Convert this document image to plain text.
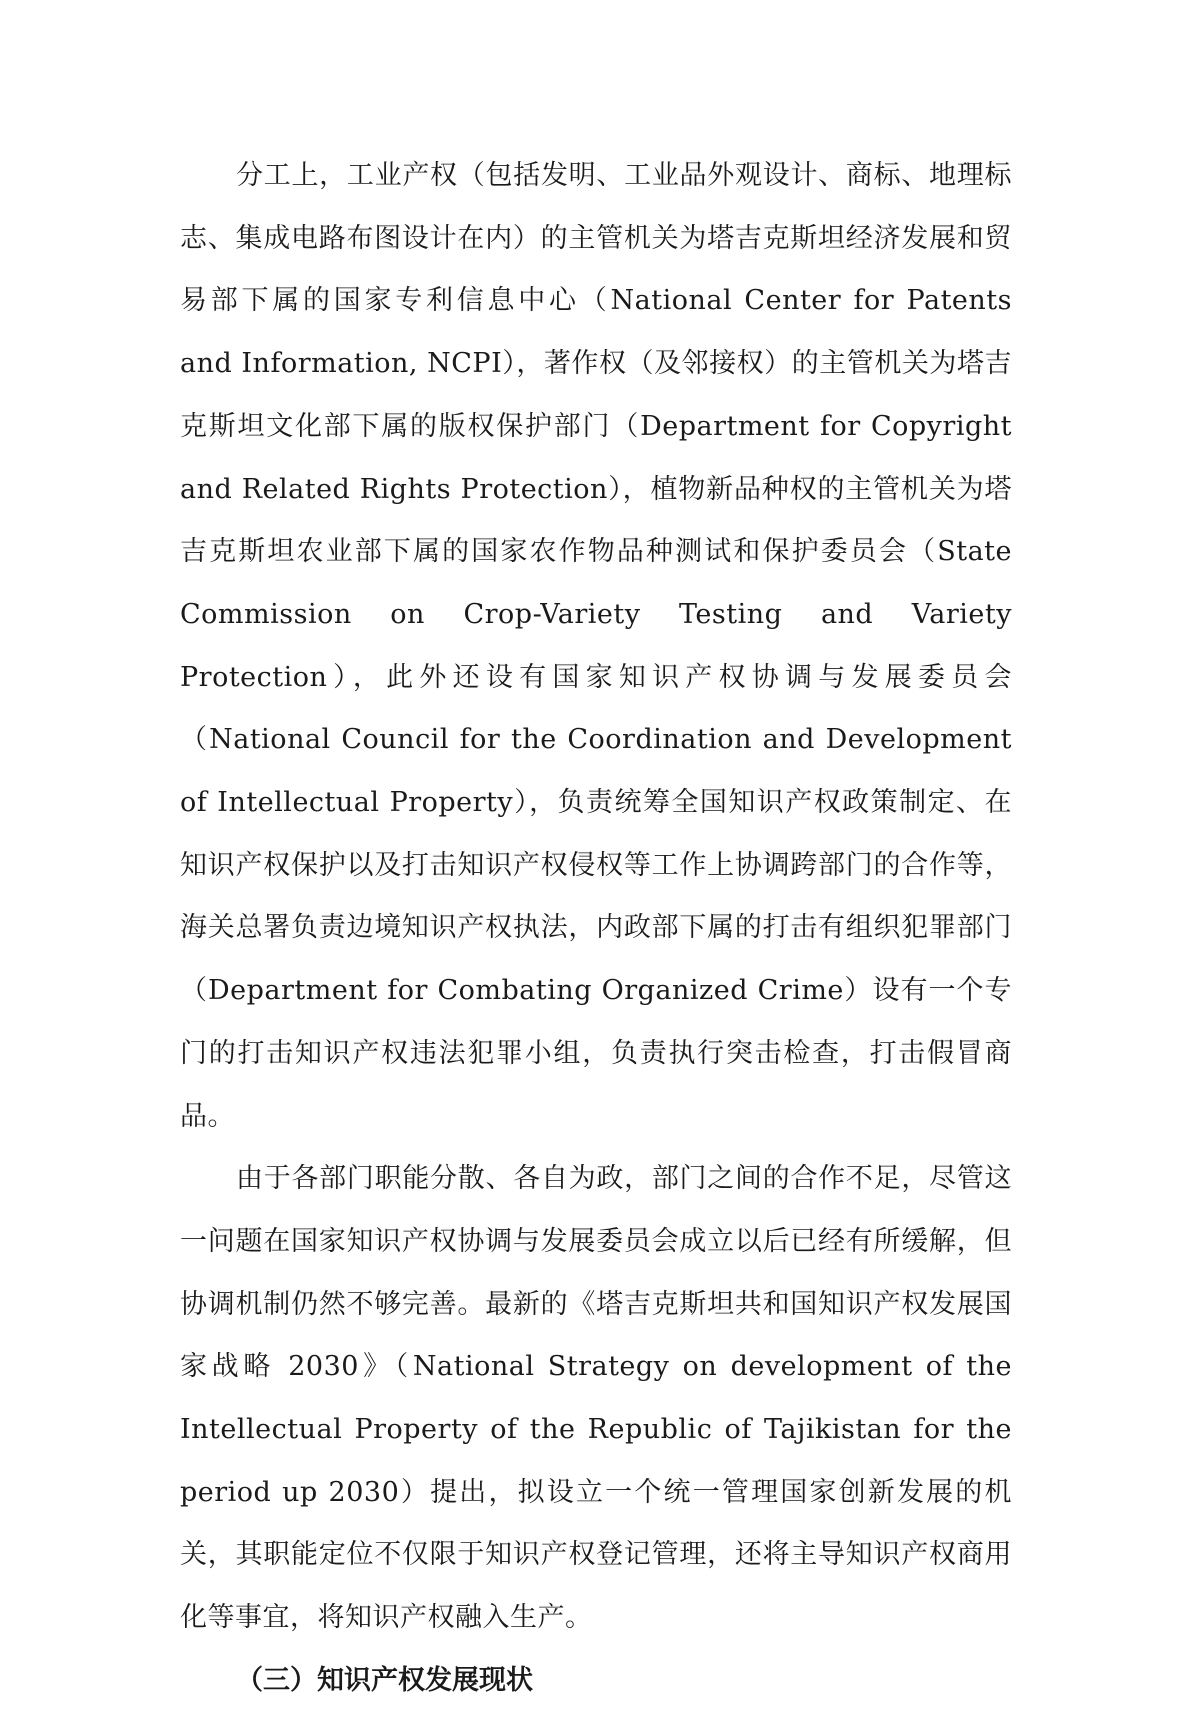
分工上，工业产权（包括发明、工业品外观设计、商标、地理标志、集成电路布图设计在内）的主管机关为塔吉克斯坦经济发展和贸易部下属的国家专利信息中心（National Center for Patents and Information, NCPI），著作权（及邻接权）的主管机关为塔吉克斯坦文化部下属的版权保护部门（Department for Copyright and Related Rights Protection），植物新品种权的主管机关为塔吉克斯坦农业部下属的国家农作物品种测试和保护委员会（State Commission on Crop-Variety Testing and Variety Protection），此外还设有国家知识产权协调与发展委员会（National Council for the Coordination and Development of Intellectual Property），负责统筹全国知识产权政策制定、在知识产权保护以及打击知识产权侵权等工作上协调跨部门的合作等，海关总署负责边境知识产权执法，内政部下属的打击有组织犯罪部门（Department for Combating Organized Crime）设有一个专门的打击知识产权违法犯罪小组，负责执行突击检查，打击假冒商品。

由于各部门职能分散、各自为政，部门之间的合作不足，尽管这一问题在国家知识产权协调与发展委员会成立以后已经有所缓解，但协调机制仍然不够完善。最新的《塔吉克斯坦共和国知识产权发展国家战略 2030》（National Strategy on development of the Intellectual Property of the Republic of Tajikistan for the period up 2030）提出，拟设立一个统一管理国家创新发展的机关，其职能定位不仅限于知识产权登记管理，还将主导知识产权商用化等事宜，将知识产权融入生产。

（三）知识产权发展现状
